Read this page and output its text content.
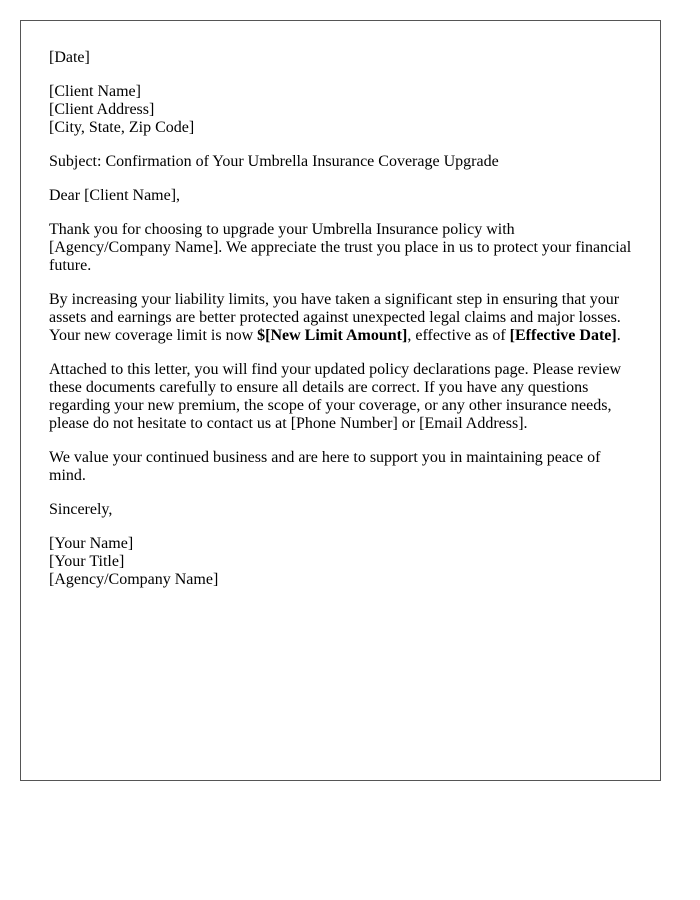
[Date]

[Client Name]
[Client Address]
[City, State, Zip Code]

Subject: Confirmation of Your Umbrella Insurance Coverage Upgrade

Dear [Client Name],

Thank you for choosing to upgrade your Umbrella Insurance policy with [Agency/Company Name]. We appreciate the trust you place in us to protect your financial future.

By increasing your liability limits, you have taken a significant step in ensuring that your assets and earnings are better protected against unexpected legal claims and major losses. Your new coverage limit is now $[New Limit Amount], effective as of [Effective Date].

Attached to this letter, you will find your updated policy declarations page. Please review these documents carefully to ensure all details are correct. If you have any questions regarding your new premium, the scope of your coverage, or any other insurance needs, please do not hesitate to contact us at [Phone Number] or [Email Address].

We value your continued business and are here to support you in maintaining peace of mind.

Sincerely,

[Your Name]
[Your Title]
[Agency/Company Name]
